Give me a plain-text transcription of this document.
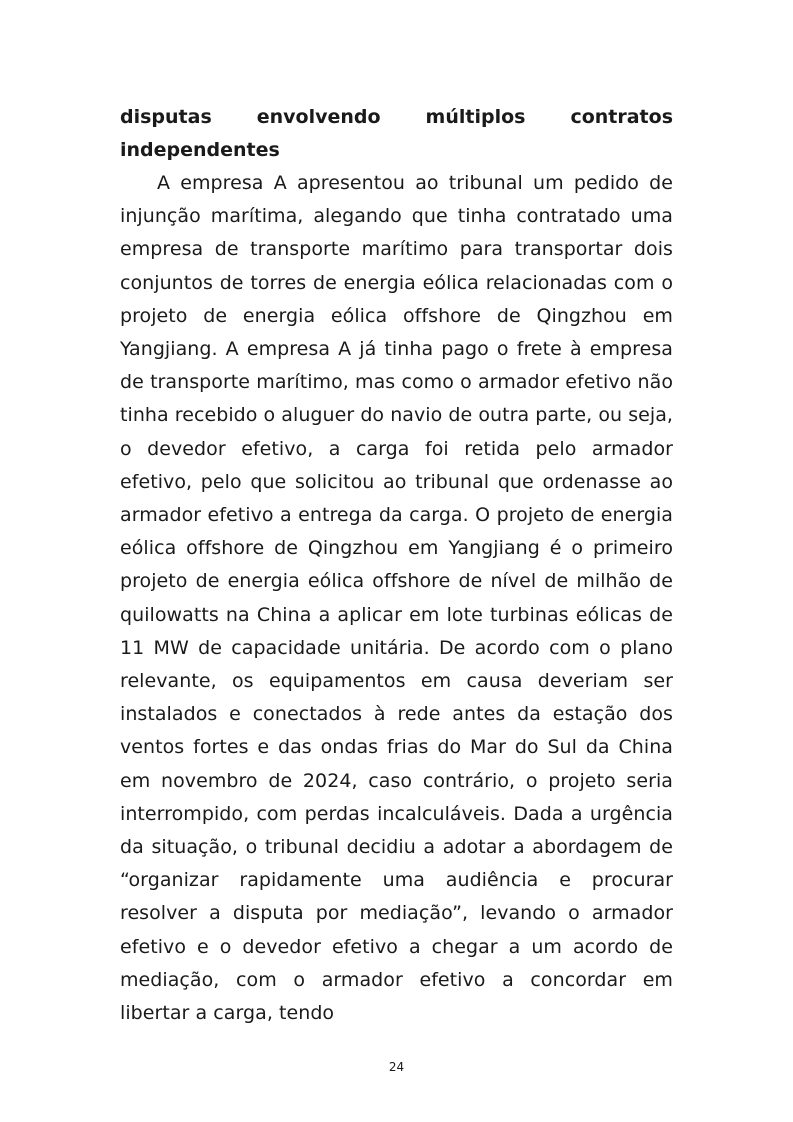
disputas envolvendo múltiplos contratos

independentes

A empresa A apresentou ao tribunal um pedido de injunção marítima, alegando que tinha contratado uma empresa de transporte marítimo para transportar dois conjuntos de torres de energia eólica relacionadas com o projeto de energia eólica offshore de Qingzhou em Yangjiang. A empresa A já tinha pago o frete à empresa de transporte marítimo, mas como o armador efetivo não tinha recebido o aluguer do navio de outra parte, ou seja, o devedor efetivo, a carga foi retida pelo armador efetivo, pelo que solicitou ao tribunal que ordenasse ao armador efetivo a entrega da carga. O projeto de energia eólica offshore de Qingzhou em Yangjiang é o primeiro projeto de energia eólica offshore de nível de milhão de quilowatts na China a aplicar em lote turbinas eólicas de 11 MW de capacidade unitária. De acordo com o plano relevante, os equipamentos em causa deveriam ser instalados e conectados à rede antes da estação dos ventos fortes e das ondas frias do Mar do Sul da China em novembro de 2024, caso contrário, o projeto seria interrompido, com perdas incalculáveis. Dada a urgência da situação, o tribunal decidiu a adotar a abordagem de “organizar rapidamente uma audiência e procurar resolver a disputa por mediação”, levando o armador efetivo e o devedor efetivo a chegar a um acordo de mediação, com o armador efetivo a concordar em libertar a carga, tendo

24
